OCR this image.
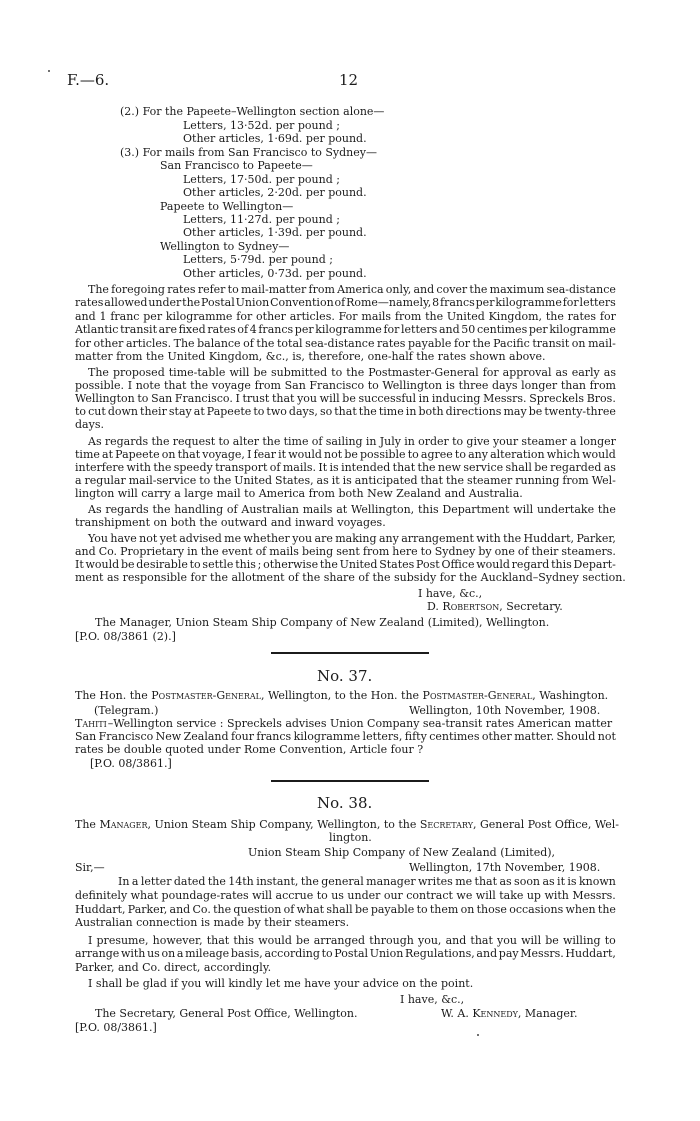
F.—6.	12
(2.) For the Papeete–Wellington section alone—
Letters, 13·52d. per pound ;
Other articles, 1·69d. per pound.
(3.) For mails from San Francisco to Sydney—
San Francisco to Papeete—
Letters, 17·50d. per pound ;
Other articles, 2·20d. per pound.
Papeete to Wellington—
Letters, 11·27d. per pound ;
Other articles, 1·39d. per pound.
Wellington to Sydney—
Letters, 5·79d. per pound ;
Other articles, 0·73d. per pound.
The foregoing rates refer to mail-matter from America only, and cover the maximum sea-distance
rates allowed under the Postal Union Convention of Rome—namely, 8 francs per kilogramme for letters
and 1 franc per kilogramme for other articles. For mails from the United Kingdom, the rates for
Atlantic transit are fixed rates of 4 francs per kilogramme for letters and 50 centimes per kilogramme
for other articles. The balance of the total sea-distance rates payable for the Pacific transit on mail-
matter from the United Kingdom, &c., is, therefore, one-half the rates shown above.
The proposed time-table will be submitted to the Postmaster-General for approval as early as
possible. I note that the voyage from San Francisco to Wellington is three days longer than from
Wellington to San Francisco. I trust that you will be successful in inducing Messrs. Spreckels Bros.
to cut down their stay at Papeete to two days, so that the time in both directions may be twenty-three
days.
As regards the request to alter the time of sailing in July in order to give your steamer a longer
time at Papeete on that voyage, I fear it would not be possible to agree to any alteration which would
interfere with the speedy transport of mails. It is intended that the new service shall be regarded as
a regular mail-service to the United States, as it is anticipated that the steamer running from Wel-
lington will carry a large mail to America from both New Zealand and Australia.
As regards the handling of Australian mails at Wellington, this Department will undertake the
transhipment on both the outward and inward voyages.
You have not yet advised me whether you are making any arrangement with the Huddart, Parker,
and Co. Proprietary in the event of mails being sent from here to Sydney by one of their steamers.
It would be desirable to settle this ; otherwise the United States Post Office would regard this Depart-
ment as responsible for the allotment of the share of the subsidy for the Auckland–Sydney section.
I have, &c.,
D. Robertson, Secretary.
The Manager, Union Steam Ship Company of New Zealand (Limited), Wellington.
[P.O. 08/3861 (2).]
No. 37.
The Hon. the Postmaster-General, Wellington, to the Hon. the Postmaster-General, Washington.
(Telegram.)	Wellington, 10th November, 1908.
Tahiti –Wellington service : Spreckels advises Union Company sea-transit rates American matter
San Francisco New Zealand four francs kilogramme letters, fifty centimes other matter. Should not
rates be double quoted under Rome Convention, Article four ?
[P.O. 08/3861.]
No. 38.
The Manager, Union Steam Ship Company, Wellington, to the Secretary, General Post Office, Wel-
lington.
Union Steam Ship Company of New Zealand (Limited),
Sir,—	Wellington, 17th November, 1908.
In a letter dated the 14th instant, the general manager writes me that as soon as it is known
definitely what poundage-rates will accrue to us under our contract we will take up with Messrs.
Huddart, Parker, and Co. the question of what shall be payable to them on those occasions when the
Australian connection is made by their steamers.
I presume, however, that this would be arranged through you, and that you will be willing to
arrange with us on a mileage basis, according to Postal Union Regulations, and pay Messrs. Huddart,
Parker, and Co. direct, accordingly.
I shall be glad if you will kindly let me have your advice on the point.
I have, &c.,
The Secretary, General Post Office, Wellington.	W. A. Kennedy, Manager.
[P.O. 08/3861.]
